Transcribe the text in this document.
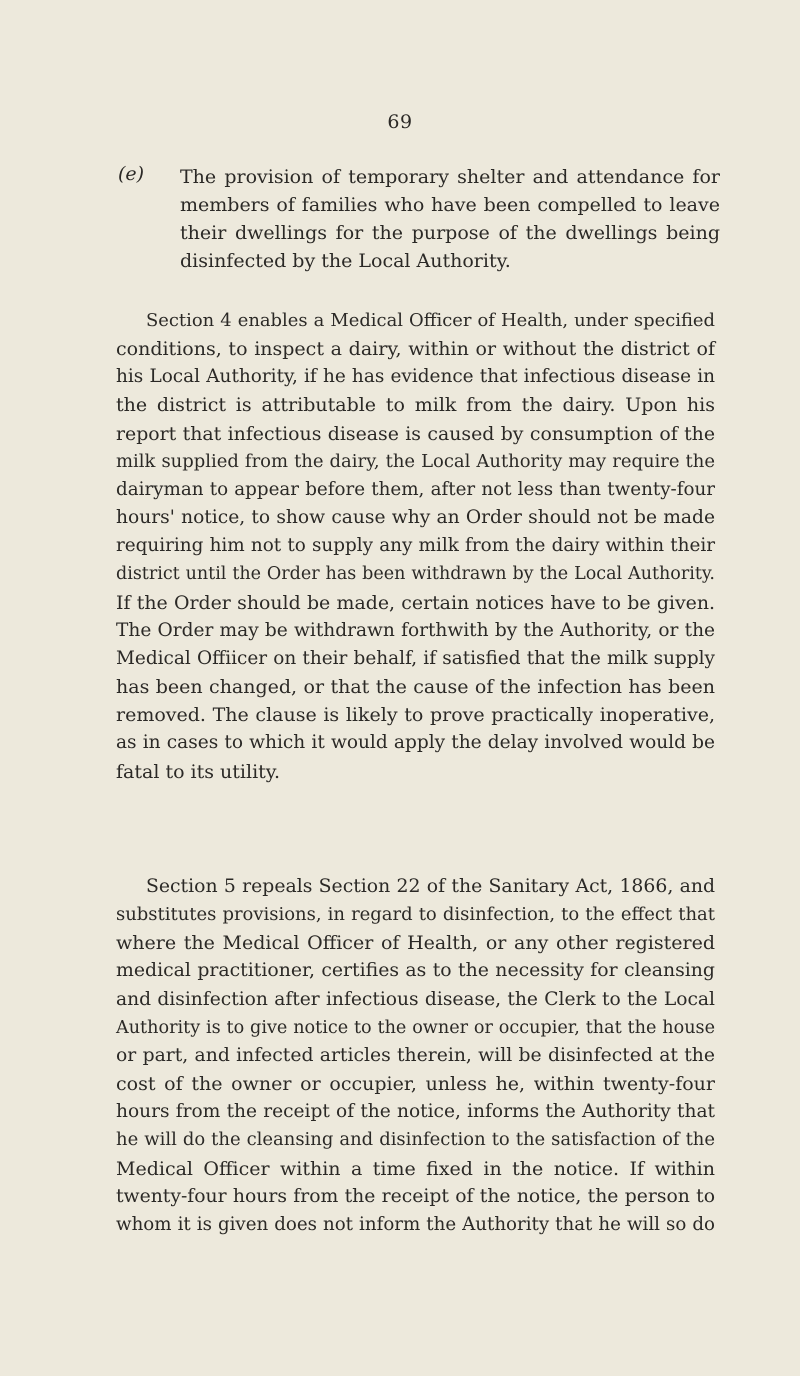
69
(e) The provision of temporary shelter and attendance for
members of families who have been compelled to leave
their dwellings for the purpose of the dwellings being
disinfected by the Local Authority.
Section 4 enables a Medical Officer of Health, under specified
conditions, to inspect a dairy, within or without the district of
his Local Authority, if he has evidence that infectious disease in
the district is attributable to milk from the dairy. Upon his
report that infectious disease is caused by consumption of the
milk supplied from the dairy, the Local Authority may require the
dairyman to appear before them, after not less than twenty-four
hours' notice, to show cause why an Order should not be made
requiring him not to supply any milk from the dairy within their
district until the Order has been withdrawn by the Local Authority.
If the Order should be made, certain notices have to be given.
The Order may be withdrawn forthwith by the Authority, or the
Medical Offiicer on their behalf, if satisfied that the milk supply
has been changed, or that the cause of the infection has been
removed. The clause is likely to prove practically inoperative,
as in cases to which it would apply the delay involved would be
fatal to its utility.
Section 5 repeals Section 22 of the Sanitary Act, 1866, and
substitutes provisions, in regard to disinfection, to the effect that
where the Medical Officer of Health, or any other registered
medical practitioner, certifies as to the necessity for cleansing
and disinfection after infectious disease, the Clerk to the Local
Authority is to give notice to the owner or occupier, that the house
or part, and infected articles therein, will be disinfected at the
cost of the owner or occupier, unless he, within twenty-four
hours from the receipt of the notice, informs the Authority that
he will do the cleansing and disinfection to the satisfaction of the
Medical Officer within a time fixed in the notice. If within
twenty-four hours from the receipt of the notice, the person to
whom it is given does not inform the Authority that he will so do
